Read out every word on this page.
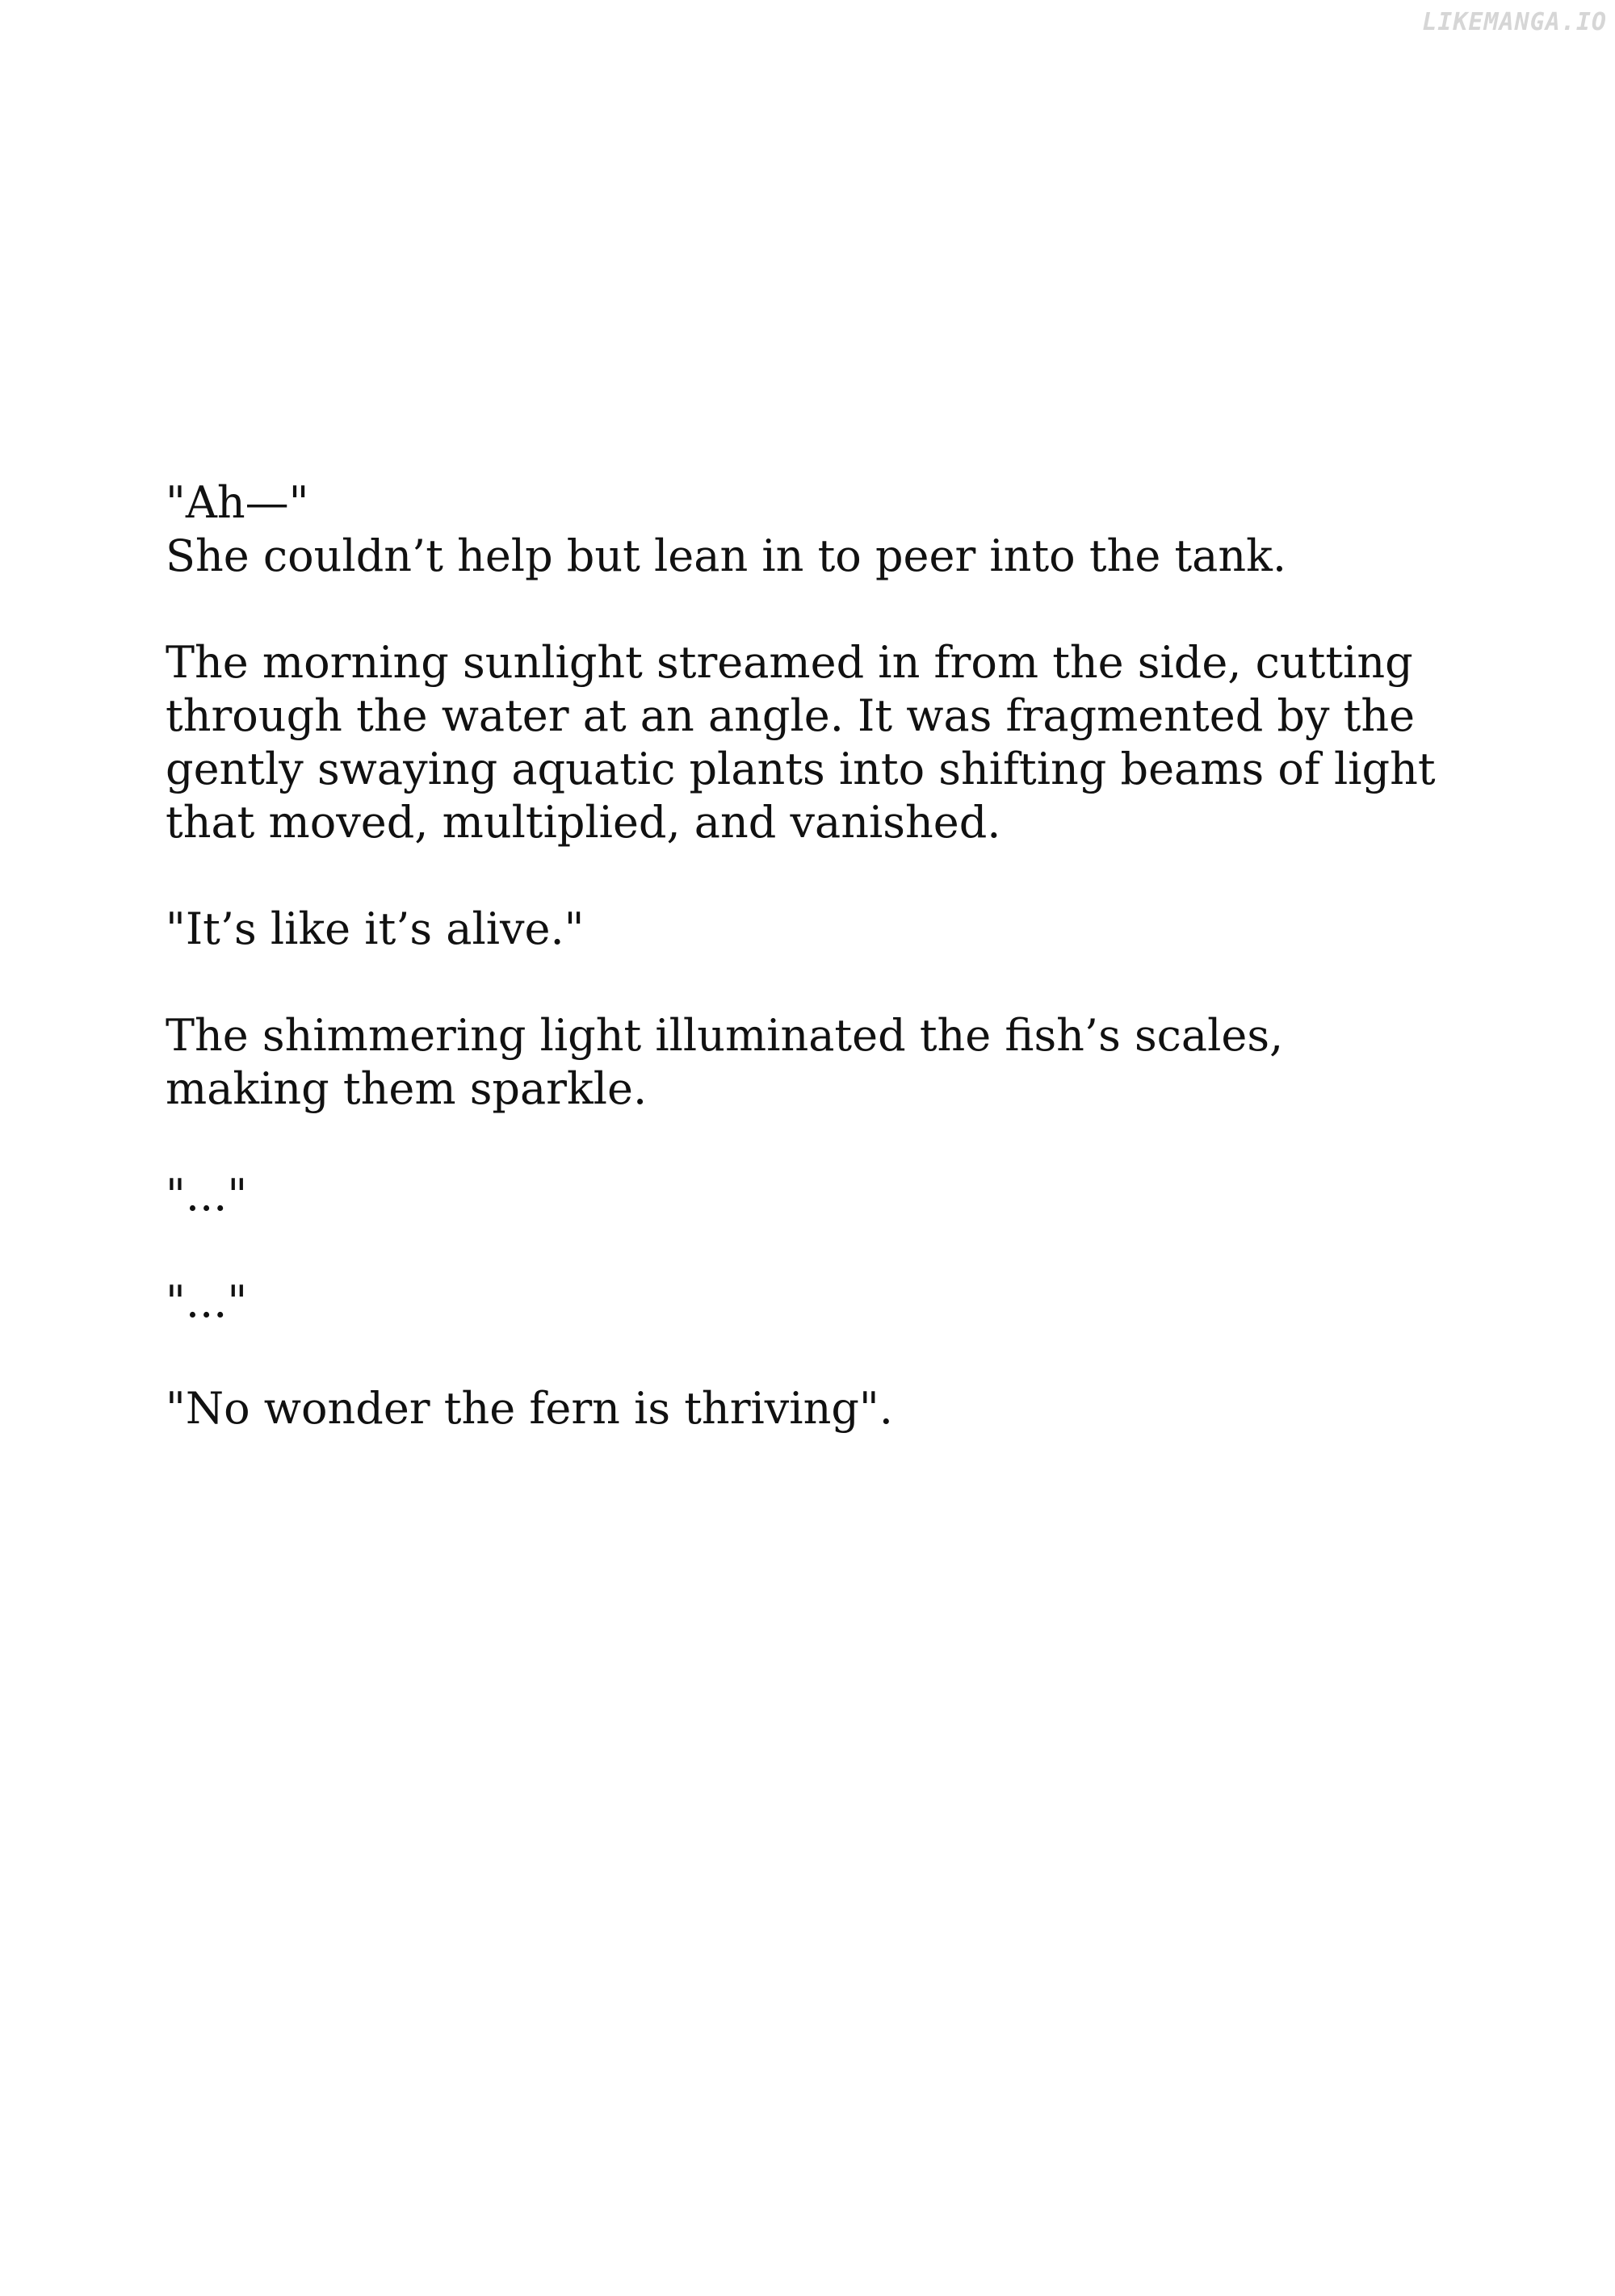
LIKEMANGA.IO

"Ah—"
She couldn’t help but lean in to peer into the tank.

The morning sunlight streamed in from the side, cutting
through the water at an angle. It was fragmented by the
gently swaying aquatic plants into shifting beams of light
that moved, multiplied, and vanished.

"It’s like it’s alive."

The shimmering light illuminated the fish’s scales,
making them sparkle.

"..."

"..."

"No wonder the fern is thriving".
